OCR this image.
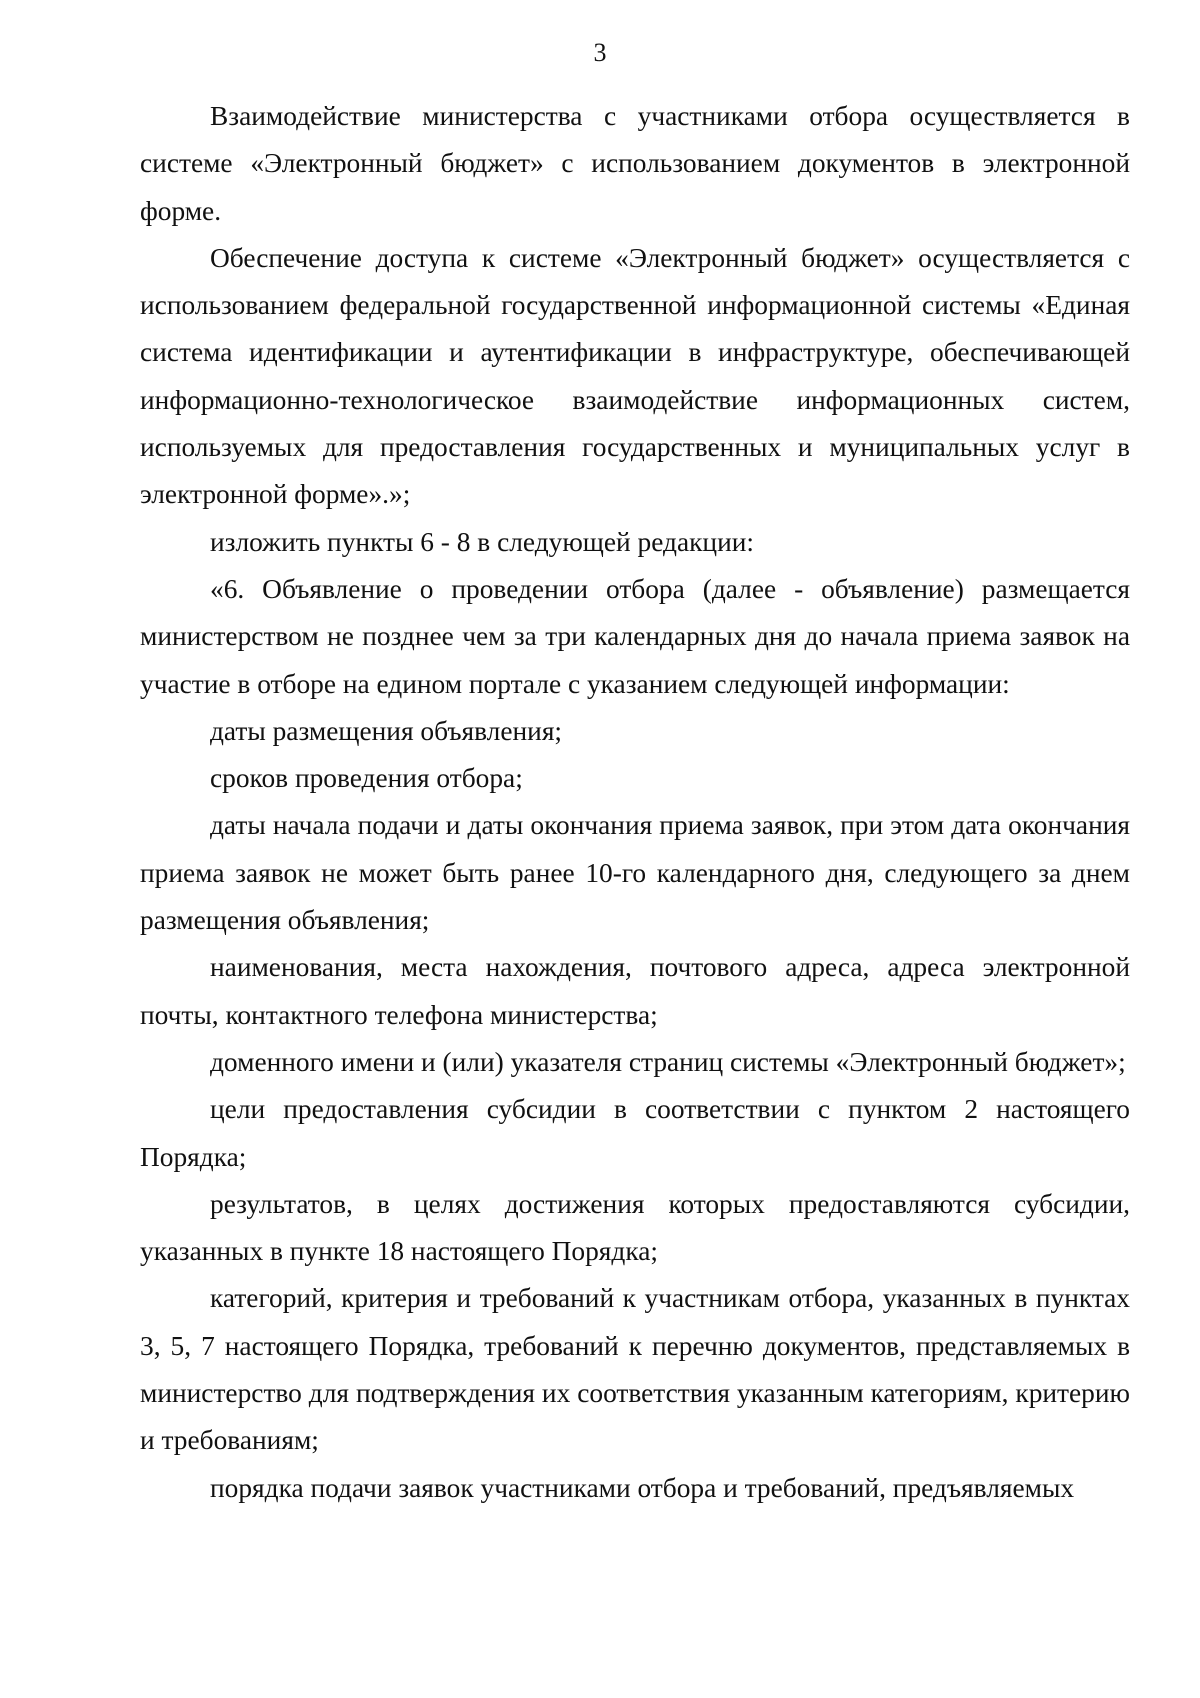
3

Взаимодействие министерства с участниками отбора осуществляется в системе «Электронный бюджет» с использованием документов в электронной форме.

Обеспечение доступа к системе «Электронный бюджет» осуществляется с использованием федеральной государственной информационной системы «Единая система идентификации и аутентификации в инфраструктуре, обеспечивающей информационно-технологическое взаимодействие информационных систем, используемых для предоставления государственных и муниципальных услуг в электронной форме».»;

изложить пункты 6 - 8 в следующей редакции:

«6. Объявление о проведении отбора (далее - объявление) размещается министерством не позднее чем за три календарных дня до начала приема заявок на участие в отборе на едином портале с указанием следующей информации:

даты размещения объявления;

сроков проведения отбора;

даты начала подачи и даты окончания приема заявок, при этом дата окончания приема заявок не может быть ранее 10-го календарного дня, следующего за днем размещения объявления;

наименования, места нахождения, почтового адреса, адреса электронной почты, контактного телефона министерства;

доменного имени и (или) указателя страниц системы «Электронный бюджет»;

цели предоставления субсидии в соответствии с пунктом 2 настоящего Порядка;

результатов, в целях достижения которых предоставляются субсидии, указанных в пункте 18 настоящего Порядка;

категорий, критерия и требований к участникам отбора, указанных в пунктах 3, 5, 7 настоящего Порядка, требований к перечню документов, представляемых в министерство для подтверждения их соответствия указанным категориям, критерию и требованиям;

порядка подачи заявок участниками отбора и требований, предъявляемых
